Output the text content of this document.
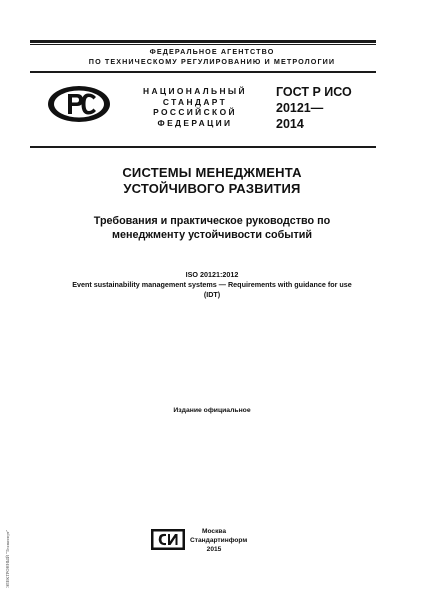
ФЕДЕРАЛЬНОЕ АГЕНТСТВО
ПО ТЕХНИЧЕСКОМУ РЕГУЛИРОВАНИЮ И МЕТРОЛОГИИ
НАЦИОНАЛЬНЫЙ
СТАНДАРТ
РОССИЙСКОЙ
ФЕДЕРАЦИИ
ГОСТ Р ИСО
20121—
2014
СИСТЕМЫ МЕНЕДЖМЕНТА
УСТОЙЧИВОГО РАЗВИТИЯ
Требования и практическое руководство по
менеджменту устойчивости событий
ISO 20121:2012
Event sustainability management systems — Requirements with guidance for use
(IDT)
Издание официальное
Москва
Стандартинформ
2015
ЭЛЕКТРОННЫЙ "Техэксперт"
